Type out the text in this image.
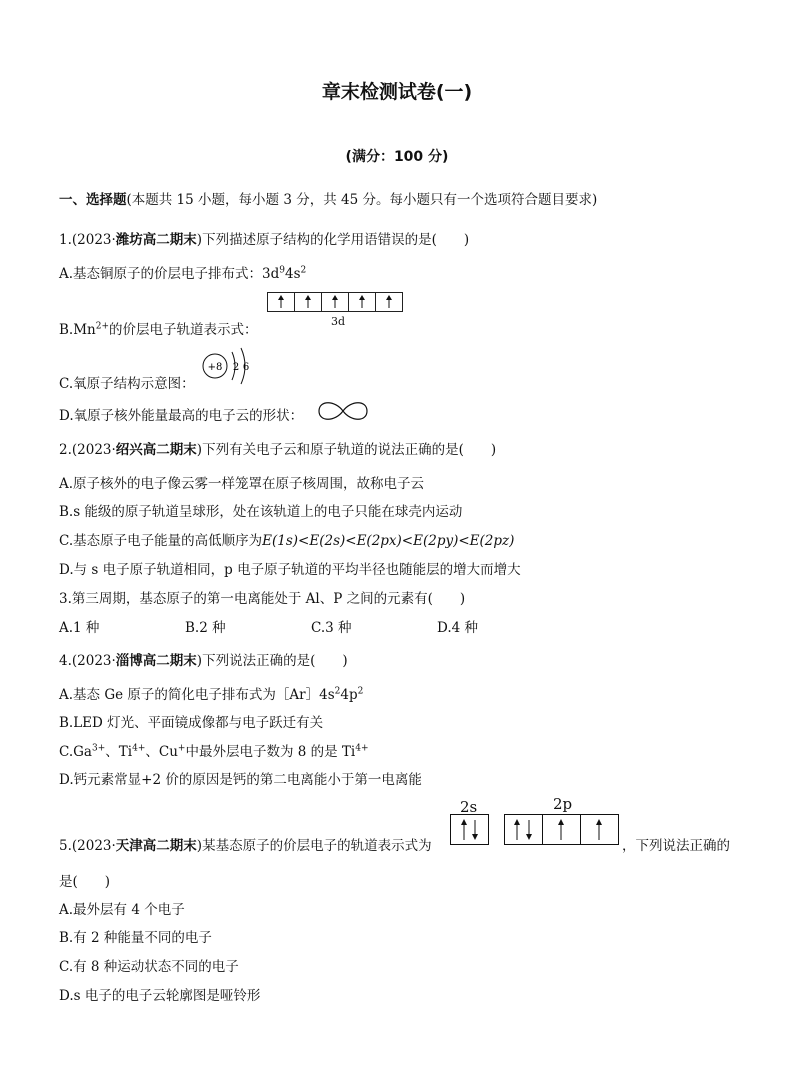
章末检测试卷(一)
(满分：100 分)
一、选择题(本题共 15 小题，每小题 3 分，共 45 分。每小题只有一个选项符合题目要求)
1.(2023·潍坊高二期末)下列描述原子结构的化学用语错误的是(　　)
A.基态铜原子的价层电子排布式：$3d^94s^2$
$B.Mn^{2+}$的价层电子轨道表示式：
3d
C.氧原子结构示意图：
+8 2 6
D.氧原子核外能量最高的电子云的形状：
2.(2023·绍兴高二期末)下列有关电子云和原子轨道的说法正确的是(　　)
A.原子核外的电子像云雾一样笼罩在原子核周围，故称电子云
B.s 能级的原子轨道呈球形，处在该轨道上的电子只能在球壳内运动
C.基态原子电子能量的高低顺序为E(1s)<E(2s)<E(2px)<E(2py)<E(2pz)
D.与 s 电子原子轨道相同，p 电子原子轨道的平均半径也随能层的增大而增大
3.第三周期，基态原子的第一电离能处于 Al、P 之间的元素有(　　)
A.1 种	B.2 种	C.3 种	D.4 种
4.(2023·淄博高二期末)下列说法正确的是(　　)
A.基态 Ge 原子的简化电子排布式为$[Ar]4s^24p^2$
B.LED 灯光、平面镜成像都与电子跃迁有关
$C.Ga^{3+}$、$Ti^{4+}$、Cu+中最外层电子数为 8 的是 $Ti^{4+}$
D.钙元素常显+2 价的原因是钙的第二电离能小于第一电离能
5.(2023·天津高二期末)某基态原子的价层电子的轨道表示式为	，下列说法正确的
2s	2p
是(　　)
A.最外层有 4 个电子
B.有 2 种能量不同的电子
C.有 8 种运动状态不同的电子
D.s 电子的电子云轮廓图是哑铃形
